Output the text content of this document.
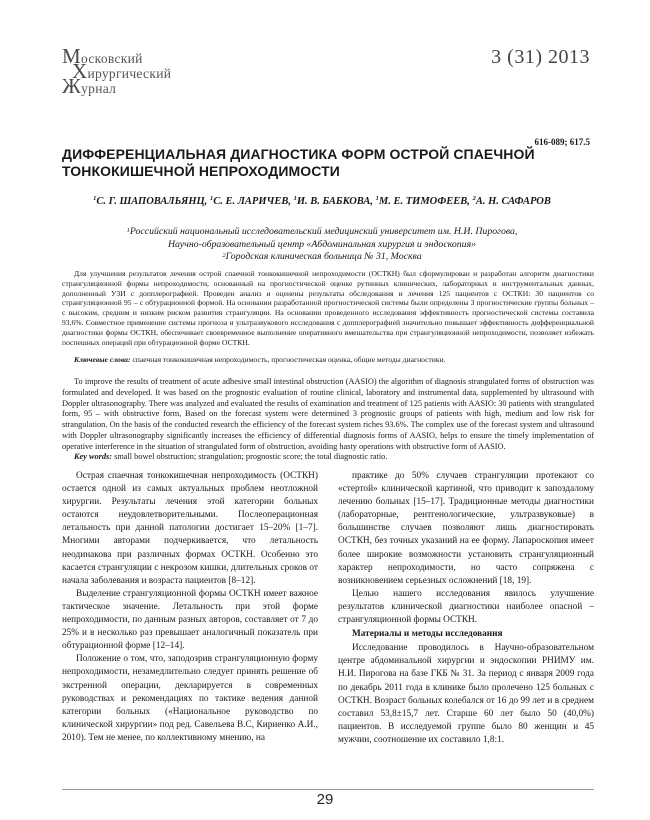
Московский
Хирургический
Журнал
3 (31) 2013
616-089; 617.5
ДИФФЕРЕНЦИАЛЬНАЯ ДИАГНОСТИКА ФОРМ ОСТРОЙ СПАЕЧНОЙ ТОНКОКИШЕЧНОЙ НЕПРОХОДИМОСТИ
$^1$С. Г. ШАПОВАЛЬЯНЦ, $^1$С. Е. ЛАРИЧЕВ, $^1$И. В. БАБКОВА, $^1$М. Е. ТИМОФЕЕВ, $^2$А. Н. САФАРОВ
$^1$Российский национальный исследовательский медицинский университет им. Н.И. Пирогова,
Научно-образовательный центр «Абдоминальная хирургия и эндоскопия»
$^2$Городская клиническая больница № 31, Москва
Для улучшения результатов лечения острой спаечной тонкокишечной непроходимости (ОСТКН) был сформулирован и разработан алгоритм диагностики странгуляционной формы непроходимости, основанный на прогностической оценке рутинных клинических, лабораторных и инструментальных данных, дополненный УЗИ с допплерографией. Проведен анализ и оценены результаты обследования и лечения 125 пациентов с ОСТКН: 30 пациентов со странгуляционной 95 – с обтурационной формой. На основании разработанной прогностической системы были определены 3 прогностические группы больных – с высоким, средним и низким риском развития странгуляции. На основании проведенного исследования эффективность прогностической системы составила 93,6%. Совместное применение системы прогноза и ультразвукового исследования с допплерографией значительно повышает эффективность дифференциальной диагностики формы ОСТКН, обеспечивает своевременное выполнение оперативного вмешательства при странгуляционной непроходимости, позволяет избежать поспешных операций при обтурационной форме ОСТКН.
Ключевые слова: спаечная тонкокишечная непроходимость, прогностическая оценка, общие методы диагностики.
To improve the results of treatment of acute adhesive small intestinal obstruction (AASIO) the algorithm of diagnosis strangulated forms of obstruction was formulated and developed. It was based on the prognostic evaluation of routine clinical, laboratory and instrumental data, supplemented by ultrasound with Doppler ultrasonography. There was analyzed and evaluated the results of examination and treatment of 125 patients with AASIO: 30 patients with strangulated form, 95 – with obstructive form, Based on the forecast system were determined 3 prognostic groups of patients with high, medium and low risk for strangulation. On the basis of the conducted research the efficiency of the forecast system riches 93.6%. The complex use of the forecast system and ultrasound with Doppler ultrasonography significantly increases the efficiency of differential diagnosis forms of AASIO, helps to ensure the timely implementation of operative interference in the situation of strangulated form of obstruction, avoiding hasty operations with obstructive form of AASIO.
Key words: small bowel obstruction; strangulation; prognostic score; the total diagnostic ratio.

Острая спаечная тонкокишечная непроходимость (ОСТКН) остается одной из самых актуальных проблем неотложной хирургии. Результаты лечения этой категории больных остаются неудовлетворительными. Послеоперационная летальность при данной патологии достигает 15–20% [1–7]. Многими авторами подчеркивается, что летальность неодинакова при различных формах ОСТКН. Особенно это касается странгуляции с некрозом кишки, длительных сроков от начала заболевания и возраста пациентов [8–12].

Выделение странгуляционной формы ОСТКН имеет важное тактическое значение. Летальность при этой форме непроходимости, по данным разных авторов, составляет от 7 до 25% и в несколько раз превышает аналогичный показатель при обтурационной форме [12–14].

Положение о том, что, заподозрив странгуляционную форму непроходимости, незамедлительно следует принять решение об экстренной операции, декларируется в современных руководствах и рекомендациях по тактике ведения данной категории больных («Национальное руководство по клинической хирургии» под ред. Савельева В.С, Кириенко А.И., 2010). Тем не менее, по коллективному мнению, на

практике до 50% случаев странгуляции протекают со «стертой» клинической картиной, что приводит к запоздалому лечению больных [15–17]. Традиционные методы диагностики (лабораторные, рентгенологические, ультразвуковые) в большинстве случаев позволяют лишь диагностировать ОСТКН, без точных указаний на ее форму. Лапароскопия имеет более широкие возможности установить странгуляционный характер непроходимости, но часто сопряжена с возникновением серьезных осложнений [18, 19].

Целью нашего исследования явилось улучшение результатов клинической диагностики наиболее опасной – странгуляционной формы ОСТКН.

Материалы и методы исследования

Исследование проводилось в Научно-образовательном центре абдоминальной хирургии и эндоскопии РНИМУ им. Н.И. Пирогова на базе ГКБ № 31. За период с января 2009 года по декабрь 2011 года в клинике было пролечено 125 больных с ОСТКН. Возраст больных колебался от 16 до 99 лет и в среднем составил 53,8±15,7 лет. Старше 60 лет было 50 (40,0%) пациентов. В исследуемой группе было 80 женщин и 45 мужчин, соотношение их составило 1,8:1.

29
